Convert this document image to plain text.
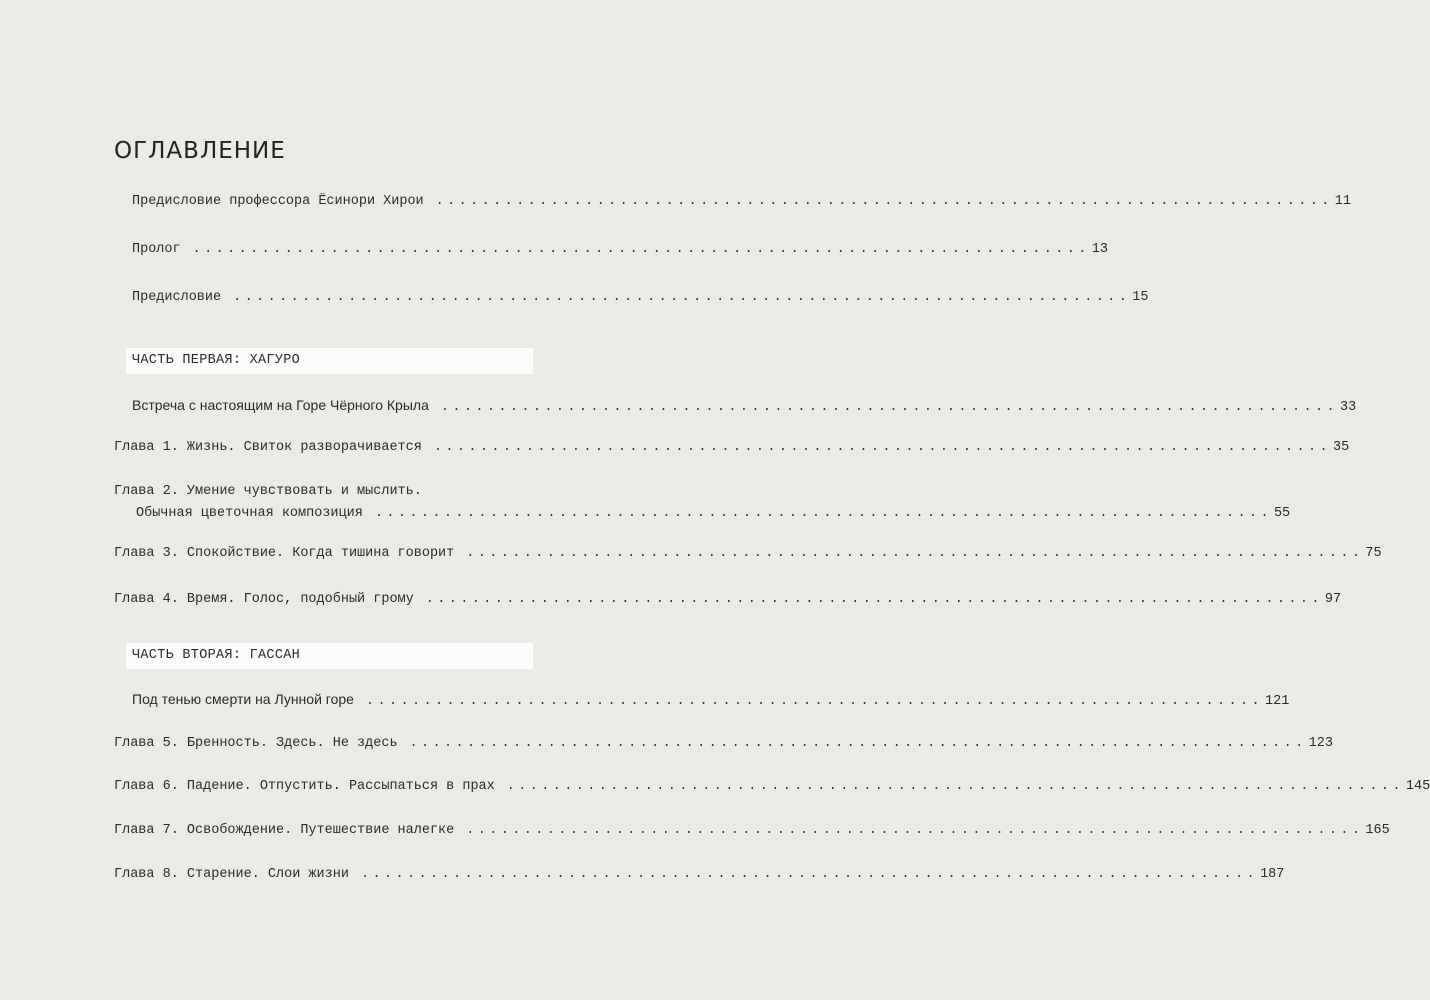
ОГЛАВЛЕНИЕ
Предисловие профессора Ёсинори Хирои .............................................................................. 11
Пролог .............................................................................. 13
Предисловие .............................................................................. 15
ЧАСТЬ ПЕРВАЯ: ХАГУРО
Встреча с настоящим на Горе Чёрного Крыла .............................................................................. 33
Глава 1. Жизнь. Свиток разворачивается .............................................................................. 35
Глава 2. Умение чувствовать и мыслить.
Обычная цветочная композиция .............................................................................. 55
Глава 3. Спокойствие. Когда тишина говорит .............................................................................. 75
Глава 4. Время. Голос, подобный грому .............................................................................. 97
ЧАСТЬ ВТОРАЯ: ГАССАН
Под тенью смерти на Лунной горе .............................................................................. 121
Глава 5. Бренность. Здесь. Не здесь .............................................................................. 123
Глава 6. Падение. Отпустить. Рассыпаться в прах .............................................................................. 145
Глава 7. Освобождение. Путешествие налегке .............................................................................. 165
Глава 8. Старение. Слои жизни .............................................................................. 187
